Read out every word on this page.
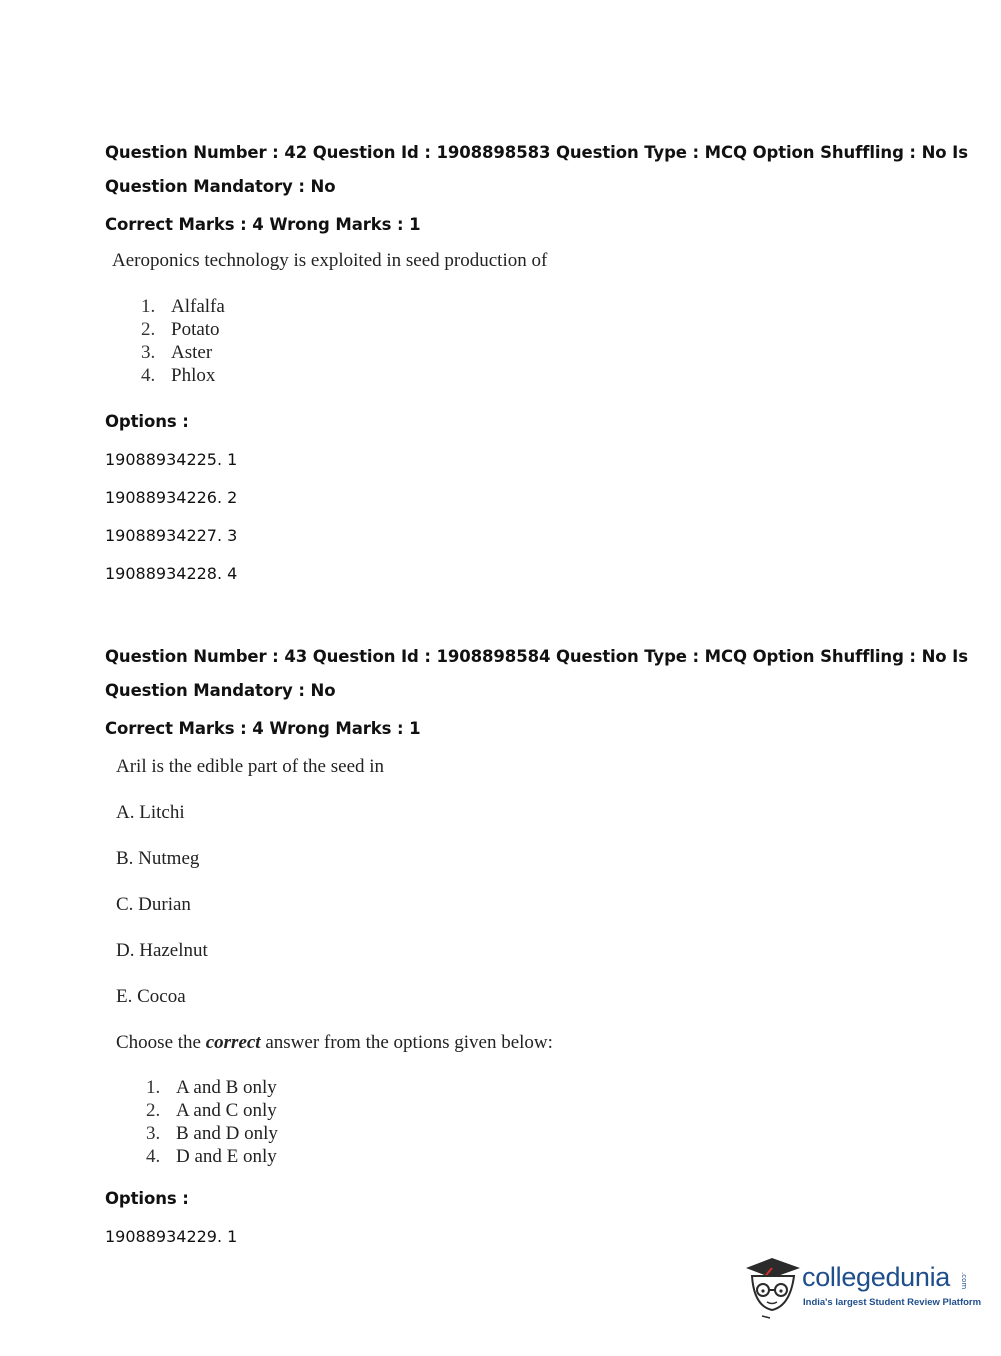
Question Number : 42 Question Id : 1908898583 Question Type : MCQ Option Shuffling : No Is
Question Mandatory : No
Correct Marks : 4 Wrong Marks : 1
Aeroponics technology is exploited in seed production of
1. Alfalfa
2. Potato
3. Aster
4. Phlox
Options :
19088934225. 1
19088934226. 2
19088934227. 3
19088934228. 4
Question Number : 43 Question Id : 1908898584 Question Type : MCQ Option Shuffling : No Is
Question Mandatory : No
Correct Marks : 4 Wrong Marks : 1
Aril is the edible part of the seed in
A. Litchi
B. Nutmeg
C. Durian
D. Hazelnut
E. Cocoa
Choose the correct answer from the options given below:
1. A and B only
2. A and C only
3. B and D only
4. D and E only
Options :
19088934229. 1
collegedunia .com
India's largest Student Review Platform
